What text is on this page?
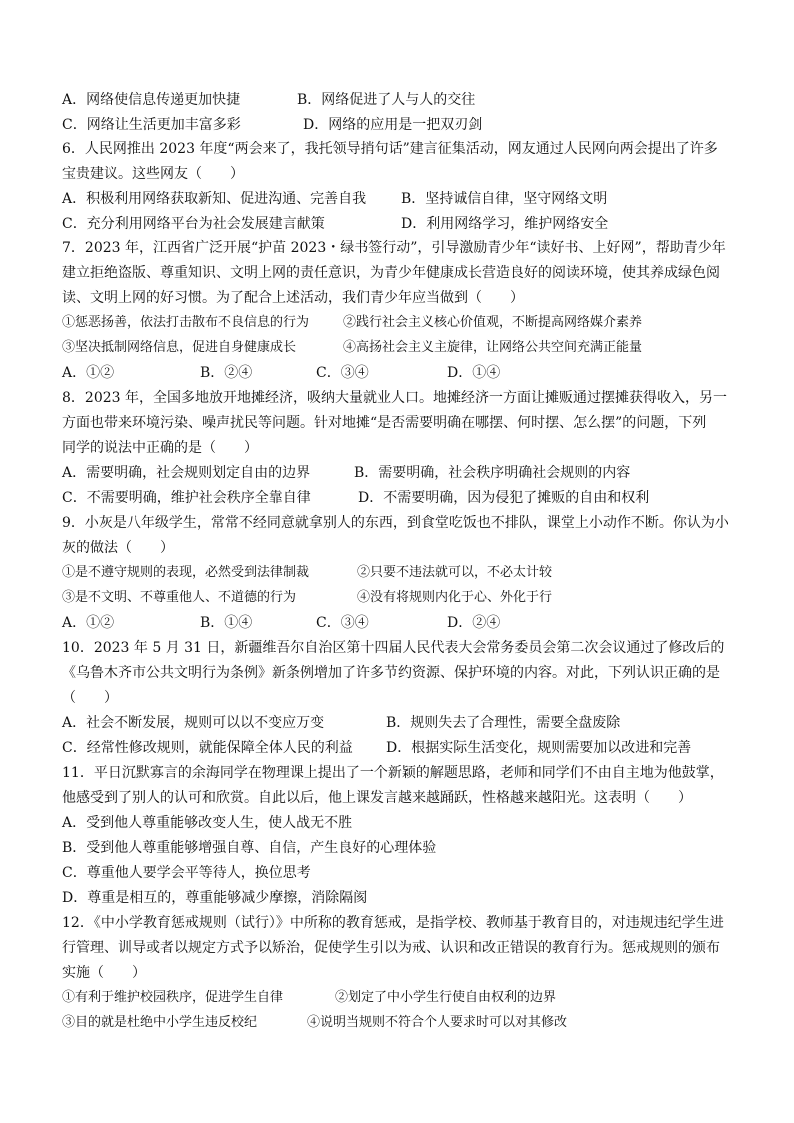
A．网络使信息传递更加快捷	B．网络促进了人与人的交往
C．网络让生活更加丰富多彩	D．网络的应用是一把双刃剑
6．人民网推出 2023 年度“两会来了，我托领导捎句话”建言征集活动，网友通过人民网向两会提出了许多
宝贵建议。这些网友（　　）
A．积极利用网络获取新知、促进沟通、完善自我 B．坚持诚信自律，坚守网络文明
C．充分利用网络平台为社会发展建言献策	D．利用网络学习，维护网络安全
7．2023 年，江西省广泛开展“护苗 2023・绿书签行动”，引导激励青少年“读好书、上好网”，帮助青少年
建立拒绝盗版、尊重知识、文明上网的责任意识，为青少年健康成长营造良好的阅读环境，使其养成绿色阅
读、文明上网的好习惯。为了配合上述活动，我们青少年应当做到（　　）
①惩恶扬善，依法打击散布不良信息的行为	②践行社会主义核心价值观，不断提高网络媒介素养
③坚决抵制网络信息，促进自身健康成长	④高扬社会主义主旋律，让网络公共空间充满正能量
A．①②	B．②④	C．③④	D．①④
8．2023 年，全国多地放开地摊经济，吸纳大量就业人口。地摊经济一方面让摊贩通过摆摊获得收入，另一
方面也带来环境污染、噪声扰民等问题。针对地摊“是否需要明确在哪摆、何时摆、怎么摆”的问题，下列
同学的说法中正确的是（　　）
A．需要明确，社会规则划定自由的边界	B．需要明确，社会秩序明确社会规则的内容
C．不需要明确，维护社会秩序全靠自律	D．不需要明确，因为侵犯了摊贩的自由和权利
9．小灰是八年级学生，常常不经同意就拿别人的东西，到食堂吃饭也不排队，课堂上小动作不断。你认为小
灰的做法（　　）
①是不遵守规则的表现，必然受到法律制裁	②只要不违法就可以，不必太计较
③是不文明、不尊重他人、不道德的行为	④没有将规则内化于心、外化于行
A．①②	B．①④	C．③④	D．②④
10．2023 年 5 月 31 日，新疆维吾尔自治区第十四届人民代表大会常务委员会第二次会议通过了修改后的
《乌鲁木齐市公共文明行为条例》新条例增加了许多节约资源、保护环境的内容。对此，下列认识正确的是
（　　）
A．社会不断发展，规则可以以不变应万变	B．规则失去了合理性，需要全盘废除
C．经常性修改规则，就能保障全体人民的利益 D．根据实际生活变化，规则需要加以改进和完善
11．平日沉默寡言的余海同学在物理课上提出了一个新颖的解题思路，老师和同学们不由自主地为他鼓掌，
他感受到了别人的认可和欣赏。自此以后，他上课发言越来越踊跃，性格越来越阳光。这表明（　　）
A．受到他人尊重能够改变人生，使人战无不胜
B．受到他人尊重能够增强自尊、自信，产生良好的心理体验
C．尊重他人要学会平等待人，换位思考
D．尊重是相互的，尊重能够减少摩擦，消除隔阂
12．《中小学教育惩戒规则（试行）》中所称的教育惩戒，是指学校、教师基于教育目的，对违规违纪学生进
行管理、训导或者以规定方式予以矫治，促使学生引以为戒、认识和改正错误的教育行为。惩戒规则的颁布
实施（　　）
①有利于维护校园秩序，促进学生自律	②划定了中小学生行使自由权利的边界
③目的就是杜绝中小学生违反校纪	④说明当规则不符合个人要求时可以对其修改
